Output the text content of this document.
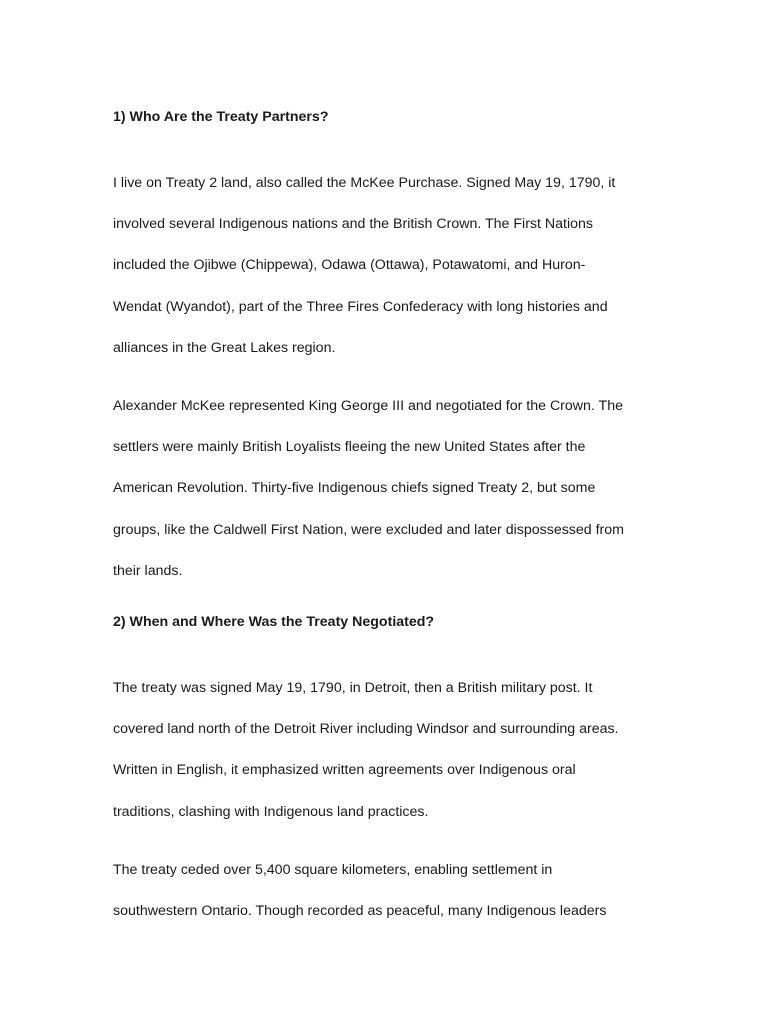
1) Who Are the Treaty Partners?
I live on Treaty 2 land, also called the McKee Purchase. Signed May 19, 1790, it
involved several Indigenous nations and the British Crown. The First Nations
included the Ojibwe (Chippewa), Odawa (Ottawa), Potawatomi, and Huron-
Wendat (Wyandot), part of the Three Fires Confederacy with long histories and
alliances in the Great Lakes region.
Alexander McKee represented King George III and negotiated for the Crown. The
settlers were mainly British Loyalists fleeing the new United States after the
American Revolution. Thirty-five Indigenous chiefs signed Treaty 2, but some
groups, like the Caldwell First Nation, were excluded and later dispossessed from
their lands.
2) When and Where Was the Treaty Negotiated?
The treaty was signed May 19, 1790, in Detroit, then a British military post. It
covered land north of the Detroit River including Windsor and surrounding areas.
Written in English, it emphasized written agreements over Indigenous oral
traditions, clashing with Indigenous land practices.
The treaty ceded over 5,400 square kilometers, enabling settlement in
southwestern Ontario. Though recorded as peaceful, many Indigenous leaders
